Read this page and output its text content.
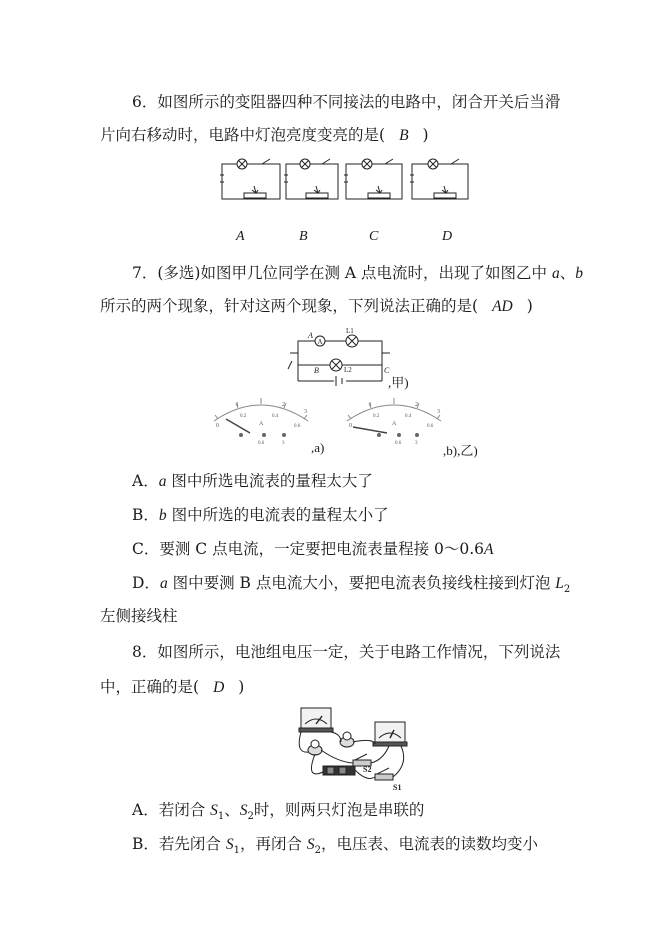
6．如图所示的变阻器四种不同接法的电路中，闭合开关后当滑
片向右移动时，电路中灯泡亮度变亮的是( B )
A	B	C	D
7．(多选)如图甲几位同学在测 A 点电流时，出现了如图乙中 a、b
所示的两个现象，针对这两个现象，下列说法正确的是( AD )
A
A
B	C
L1
L2
,甲)
0
1	2
3
0.2	0.4
0.6
A
0.6	3 ,a)
0
1	2
3
0.2	0.4
0.6
A
0.6	3 ,b),乙)
A．a 图中所选电流表的量程太大了
B．b 图中所选的电流表的量程太小了
C．要测 C 点电流，一定要把电流表量程接 0～0.6A
D．a 图中要测 B 点电流大小，要把电流表负接线柱接到灯泡 $L_2$
左侧接线柱
8．如图所示，电池组电压一定，关于电路工作情况，下列说法
中，正确的是( D )
S2
S1
A．若闭合 $S_1$、$S_2$时，则两只灯泡是串联的
B．若先闭合 $S_1$，再闭合 $S_2$，电压表、电流表的读数均变小
